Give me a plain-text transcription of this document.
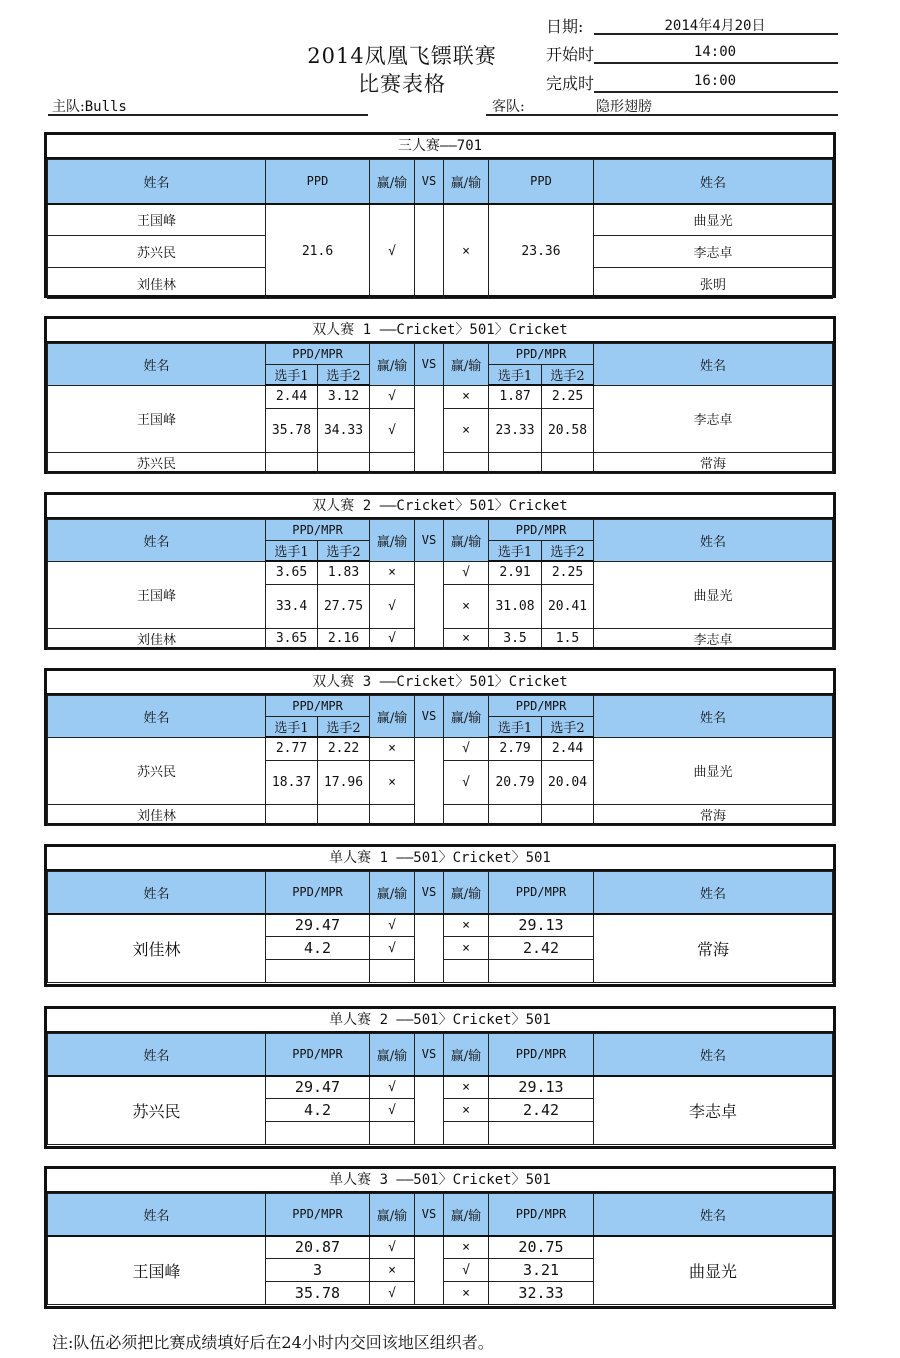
2014凤凰飞镖联赛
比赛表格
日期:	2014年4月20日
开始时	14:00
完成时	16:00
主队:Bulls	客队:	隐形翅膀
三人赛——701
姓名	PPD	赢/输	VS	赢/输	PPD	姓名
王国峰	21.6	√		×	23.36	曲显光
苏兴民						李志卓
刘佳林						张明
双人赛 1 ——Cricket〉501〉Cricket
姓名	PPD/MPR		赢/输	VS	赢/输	PPD/MPR		姓名
	选手1	选手2				选手1	选手2	
王国峰	2.44	3.12	√		×	1.87	2.25	李志卓
	35.78	34.33	√		×	23.33	20.58	
苏兴民								常海
双人赛 2 ——Cricket〉501〉Cricket
姓名	PPD/MPR		赢/输	VS	赢/输	PPD/MPR		姓名
	选手1	选手2				选手1	选手2	
王国峰	3.65	1.83	×		√	2.91	2.25	曲显光
	33.4	27.75	√		×	31.08	20.41	
刘佳林	3.65	2.16	√		×	3.5	1.5	李志卓
双人赛 3 ——Cricket〉501〉Cricket
姓名	PPD/MPR		赢/输	VS	赢/输	PPD/MPR		姓名
	选手1	选手2				选手1	选手2	
苏兴民	2.77	2.22	×		√	2.79	2.44	曲显光
	18.37	17.96	×		√	20.79	20.04	
刘佳林								常海
单人赛 1 ——501〉Cricket〉501
姓名	PPD/MPR	赢/输	VS	赢/输	PPD/MPR	姓名
刘佳林	29.47	√		×	29.13	常海
	4.2	√		×	2.42	

单人赛 2 ——501〉Cricket〉501
姓名	PPD/MPR	赢/输	VS	赢/输	PPD/MPR	姓名
苏兴民	29.47	√		×	29.13	李志卓
	4.2	√		×	2.42	

单人赛 3 ——501〉Cricket〉501
姓名	PPD/MPR	赢/输	VS	赢/输	PPD/MPR	姓名
王国峰	20.87	√		×	20.75	曲显光
	3	×		√	3.21	
	35.78	√		×	32.33	
注:队伍必须把比赛成绩填好后在24小时内交回该地区组织者。
